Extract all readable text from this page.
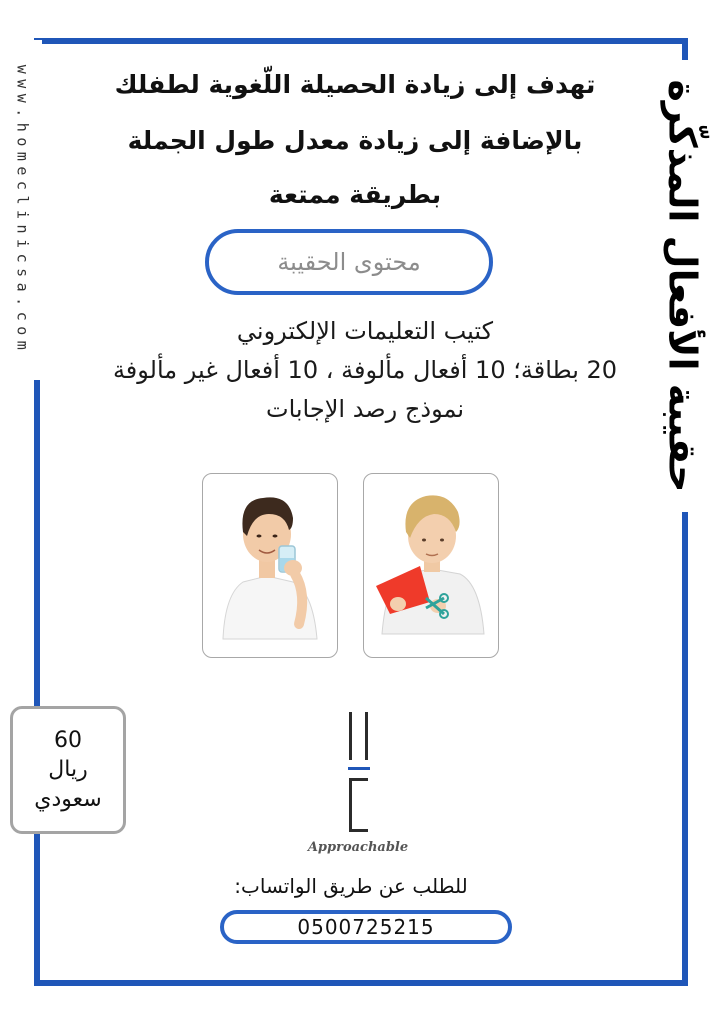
حقيبة الأفعال المذكّرة
www.homeclinicsa.com	تهدف إلى زيادة الحصيلة اللّغوية لطفلك
بالإضافة إلى زيادة معدل طول الجملة
بطريقة ممتعة
محتوى الحقيبة
كتيب التعليمات الإلكتروني
20 بطاقة؛ 10 أفعال مألوفة ، 10 أفعال غير مألوفة
نموذج رصد الإجابات
60
ريال
سعودي
Approachable
للطلب عن طريق الواتساب:
0500725215
